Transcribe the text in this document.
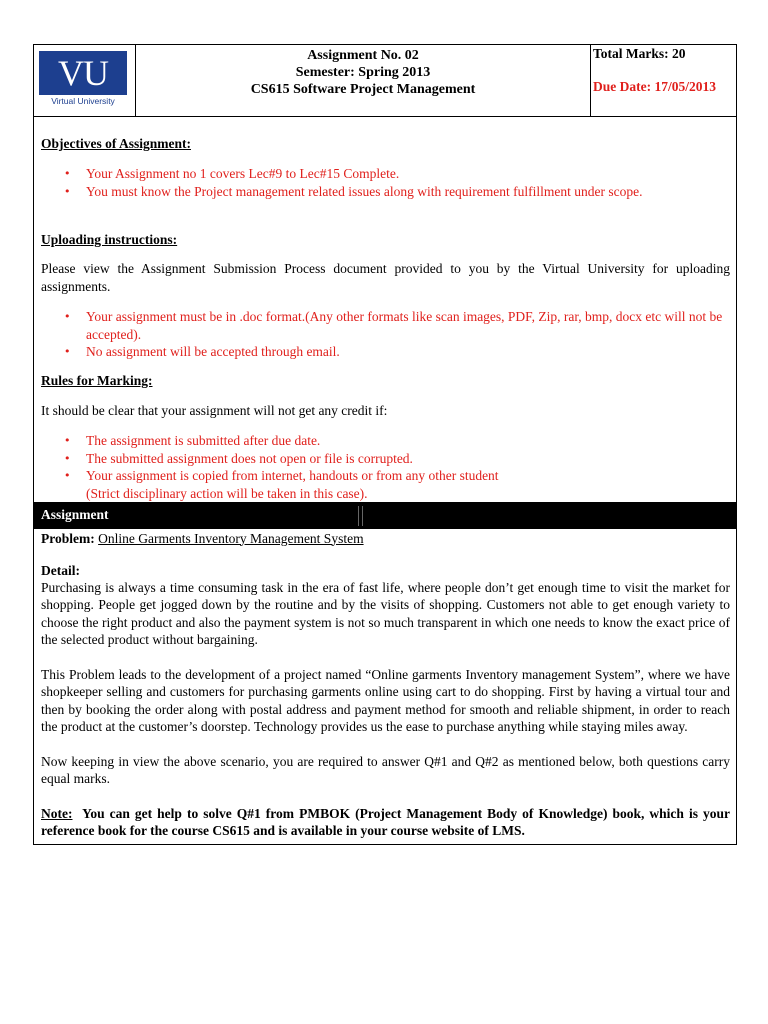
VU
Virtual University
Assignment No. 02
Semester: Spring 2013
CS615 Software Project Management
Total Marks: 20
Due Date: 17/05/2013
Objectives of Assignment:
• Your Assignment no 1 covers Lec#9 to Lec#15 Complete.
• You must know the Project management related issues along with requirement fulfillment under scope.
Uploading instructions:

Please view the Assignment Submission Process document provided to you by the Virtual University for uploading assignments.

• Your assignment must be in .doc format.(Any other formats like scan images, PDF, Zip, rar, bmp, docx etc will not be accepted).
• No assignment will be accepted through email.
Rules for Marking:

It should be clear that your assignment will not get any credit if:

• The assignment is submitted after due date.
• The submitted assignment does not open or file is corrupted.
• Your assignment is copied from internet, handouts or from any other student
(Strict disciplinary action will be taken in this case).
Assignment
Problem: Online Garments Inventory Management System
Detail:

Purchasing is always a time consuming task in the era of fast life, where people don’t get enough time to visit the market for shopping. People get jogged down by the routine and by the visits of shopping. Customers not able to get enough variety to choose the right product and also the payment system is not so much transparent in which one needs to know the exact price of the selected product without bargaining.

This Problem leads to the development of a project named “Online garments Inventory management System”, where we have shopkeeper selling and customers for purchasing garments online using cart to do shopping. First by having a virtual tour and then by booking the order along with postal address and payment method for smooth and reliable shipment, in order to reach the product at the customer’s doorstep. Technology provides us the ease to purchase anything while staying miles away.

Now keeping in view the above scenario, you are required to answer Q#1 and Q#2 as mentioned below, both questions carry equal marks.

Note: You can get help to solve Q#1 from PMBOK (Project Management Body of Knowledge) book, which is your reference book for the course CS615 and is available in your course website of LMS.
